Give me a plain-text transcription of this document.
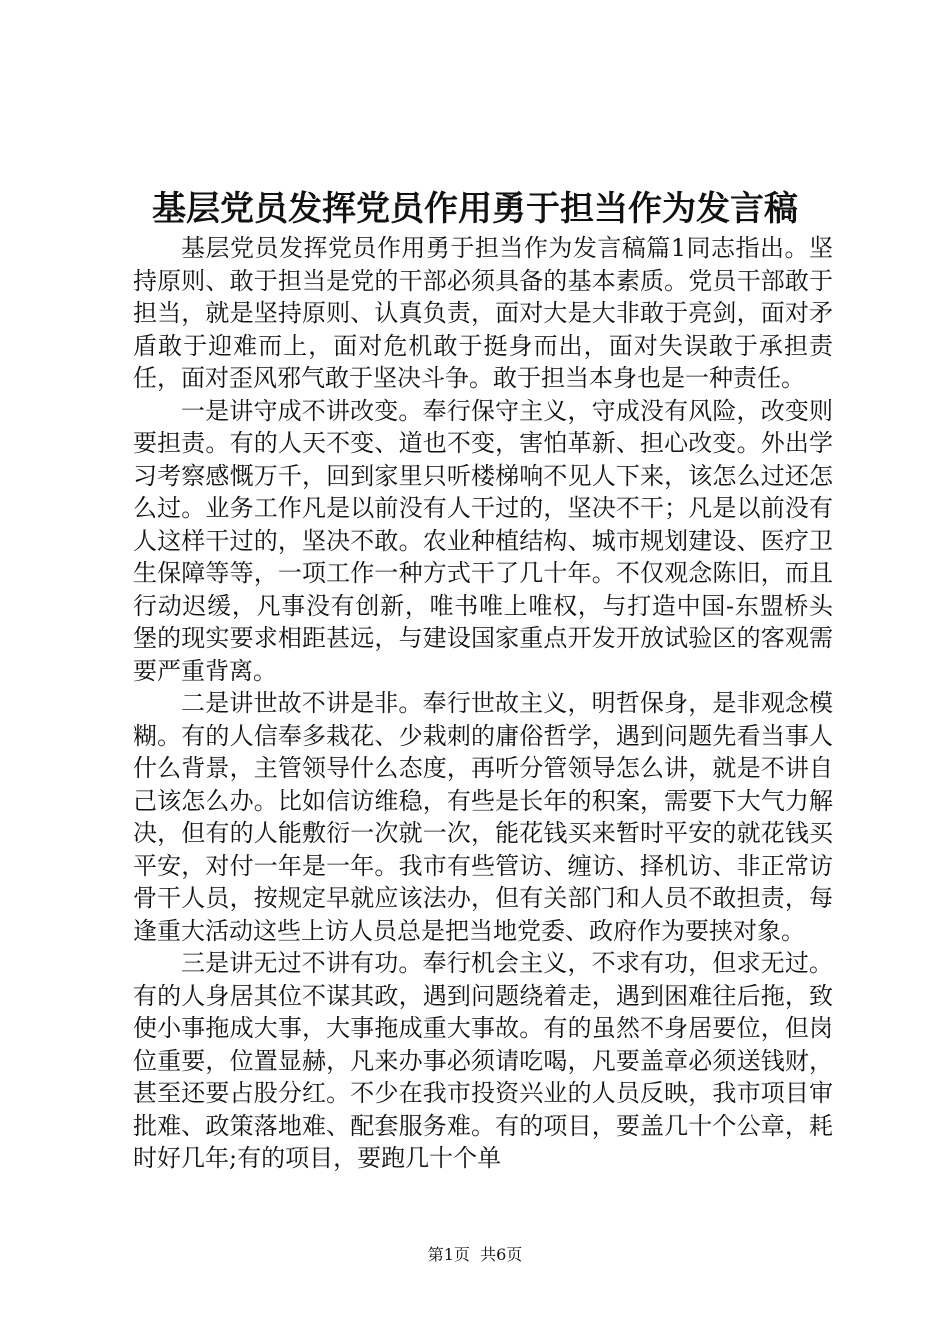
基层党员发挥党员作用勇于担当作为发言稿

基层党员发挥党员作用勇于担当作为发言稿篇1同志指出。坚持原则、敢于担当是党的干部必须具备的基本素质。党员干部敢于担当，就是坚持原则、认真负责，面对大是大非敢于亮剑，面对矛盾敢于迎难而上，面对危机敢于挺身而出，面对失误敢于承担责任，面对歪风邪气敢于坚决斗争。敢于担当本身也是一种责任。

一是讲守成不讲改变。奉行保守主义，守成没有风险，改变则要担责。有的人天不变、道也不变，害怕革新、担心改变。外出学习考察感慨万千，回到家里只听楼梯响不见人下来，该怎么过还怎么过。业务工作凡是以前没有人干过的，坚决不干；凡是以前没有人这样干过的，坚决不敢。农业种植结构、城市规划建设、医疗卫生保障等等，一项工作一种方式干了几十年。不仅观念陈旧，而且行动迟缓，凡事没有创新，唯书唯上唯权，与打造中国-东盟桥头堡的现实要求相距甚远，与建设国家重点开发开放试验区的客观需要严重背离。

二是讲世故不讲是非。奉行世故主义，明哲保身，是非观念模糊。有的人信奉多栽花、少栽刺的庸俗哲学，遇到问题先看当事人什么背景，主管领导什么态度，再听分管领导怎么讲，就是不讲自己该怎么办。比如信访维稳，有些是长年的积案，需要下大气力解决，但有的人能敷衍一次就一次，能花钱买来暂时平安的就花钱买平安，对付一年是一年。我市有些管访、缠访、择机访、非正常访骨干人员，按规定早就应该法办，但有关部门和人员不敢担责，每逢重大活动这些上访人员总是把当地党委、政府作为要挟对象。

三是讲无过不讲有功。奉行机会主义，不求有功，但求无过。有的人身居其位不谋其政，遇到问题绕着走，遇到困难往后拖，致使小事拖成大事，大事拖成重大事故。有的虽然不身居要位，但岗位重要，位置显赫，凡来办事必须请吃喝，凡要盖章必须送钱财，甚至还要占股分红。不少在我市投资兴业的人员反映，我市项目审批难、政策落地难、配套服务难。有的项目，要盖几十个公章，耗时好几年;有的项目，要跑几十个单

第1页  共6页
